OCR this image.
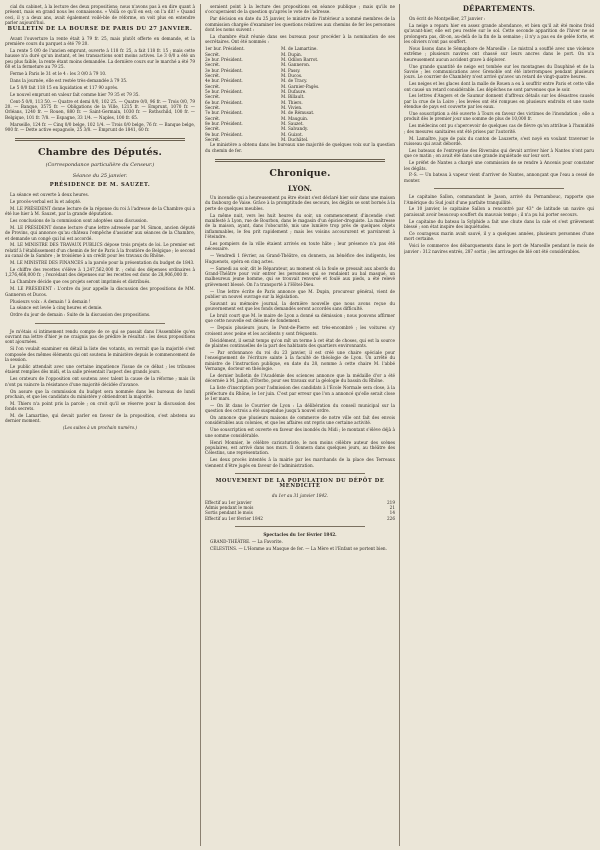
cial du cabinet, à la lecture des deux propositions; nous n'avons pas à en dire quant à présent, mais en grand nous les connaissons. « Voilà ce qu'il en est; on l'a dit! » Quand ceci, il y a deux ans, avait également voilé-ble de réforme, on voit plus en entendre parler aujourd'hui.

BULLETIN DE LA BOURSE DE PARIS DU 27 JANVIER.

Avant l'ouverture la rente était à 79 fr. 25, mais plutôt offerte en demande, et la première cours du parquet a été 79 20.

La rente 5 0/0 de l'ancien emprunt, ouverte à 118 fr. 25, a fait 118 fr. 15 ; mais cette hausse n'a duré qu'un instant, et les transactions sont moins actives. Le 3 0/0 a été un peu plus faible, la rente étant moins demandée. La dernière cours sur le marché a été 79 60 et la fermeture au 79 25.

Ferme à Paris le 31 et le 4 : les 3 0/0 à 79 10.

Dans la journée, elle est restée très-demandée à 79 35.

Le 5 0/0 fait 118 15 en liquidation et 117 90 après.

Le nouvel emprunt en valeur fait comme hier 79 35 et 79 35.

Cent-5 0/0, 113 50. — Quatre et demi 0/0, 102 25. — Quatre 0/0, 96 fr. — Trois 0/0, 79 20. — Banque, 3575 fr. — Obligations de la Ville, 1215 fr. — Emprunt, 1070 fr. — Orléans, 1240 fr. — Rouen, 880 fr. — Saint-Germain, 1030 fr. — Rothschild, 100 fr. — Belgique, 101 fr. 7/8. — Espagne, 33 1/4. — Naples, 100 fr. 65.

Marseille, 124 fr. — Cinq 0/0 belge, 102 1/4. — Trois 0/0 belge, 76 fr. — Banque belge, 900 fr. — Dette active espagnole, 25 3/8. — Emprunt de 1841, 60 fr.

Chambre des Députés.
(Correspondance particulière du Censeur.)
Séance du 25 janvier.

PRÉSIDENCE DE M. SAUZET.

La séance est ouverte à deux heures.

Le procès-verbal est lu et adopté.

M. LE PRÉSIDENT donne lecture de la réponse du roi à l'adresse de la Chambre qui a été lue hier à M. Sauzet, par la grande députation.

Les conclusions de la commission sont adoptées sans discussion.

M. LE PRÉSIDENT donne lecture d'une lettre adressée par M. Simon, ancien député de Provins, qui annonce qu'au château l'empêche d'assister aux séances de la Chambre, et demande un congé qui lui est accordé.

M. LE MINISTRE DES TRAVAUX PUBLICS dépose trois projets de loi. Le premier est relatif à l'établissement d'un chemin de fer de Paris à la frontière de Belgique ; le second au canal de la Sambre ; le troisième à un crédit pour les travaux du Rhône.

M. LE MINISTRE DES FINANCES a la parole pour la présentation du budget de 1843.

Le chiffre des recettes s'élève à 1,247,562,000 fr. ; celui des dépenses ordinaires à 1,276,468,000 fr. ; l'excédant des dépenses sur les recettes est donc de 28,906,000 fr.

La Chambre décide que ces projets seront imprimés et distribués.

M. LE PRÉSIDENT : L'ordre du jour appelle la discussion des propositions de MM. Ganneron et Ducos.

Plusieurs voix : A demain ! à demain !

La séance est levée à cinq heures et demie.

Ordre du jour de demain : Suite de la discussion des propositions.

Je m'étais si intimement rendu compte de ce qui se passait dans l'Assemblée qu'en ouvrant ma lettre d'hier je ne craignis pas de prédire le résultat : les deux propositions sont ajournées.

Si l'on voulait examiner en détail la liste des votants, on verrait que la majorité s'est composée des mêmes éléments qui ont soutenu le ministère depuis le commencement de la session.

Le public attendait avec une certaine impatience l'issue de ce débat ; les tribunes étaient remplies dès midi, et la salle présentait l'aspect des grands jours.

Les orateurs de l'opposition ont soutenu avec talent la cause de la réforme ; mais ils n'ont pu vaincre la résistance d'une majorité décidée d'avance.

On assure que la commission du budget sera nommée dans les bureaux de lundi prochain, et que les candidats du ministère y obtiendront la majorité.

M. Thiers n'a point pris la parole ; on croit qu'il se réserve pour la discussion des fonds secrets.

M. de Lamartine, qui devait parler en faveur de la proposition, s'est abstenu au dernier moment.

(Les suites à un prochain numéro.)

seraient point à la lecture des propositions en séance publique ; mais qu'ils ne s'occuperaient de la question qu'après le vote de l'adresse.

Par décision en date du 25 janvier, le ministre de l'intérieur a nommé membres de la commission chargée d'examiner les questions relatives aux chemins de fer les personnes dont les noms suivent :

La chambre était réunie dans ses bureaux pour procéder à la nomination de ses secrétaires. Ont été nommés :

1er bur. Président.	M. de Lamartine.
Secrét.	M. Dupin.
2e bur. Président.	M. Odilon Barrot.
Secrét.	M. Ganneron.
3e bur. Président.	M. Passy.
Secrét.	M. Ducos.
4e bur. Président.	M. de Tracy.
Secrét.	M. Garnier-Pagès.
5e bur. Président.	M. Dufaure.
Secrét.	M. Billault.
6e bur. Président.	M. Thiers.
Secrét.	M. Vivien.
7e bur. Président.	M. de Rémusat.
Secrét.	M. Mauguin.
8e bur. Président.	M. Sauzet.
Secrét.	M. Salvandy.
9e bur. Président.	M. Guizot.
Secrét.	M. Duchâtel.

Le ministère a obtenu dans les bureaux une majorité de quelques voix sur la question du chemin de fer.

Chronique.
LYON.

Un incendie qui a heureusement pu être éteint s'est déclaré hier soir dans une maison du faubourg de Vaise. Grâce à la promptitude des secours, les dégâts se sont bornés à la perte de quelques meubles.

La même nuit, vers les huit heures du soir, un commencement d'incendie s'est manifesté à Lyon, rue de Bourbon, dans le magasin d'un épicier-droguiste. La maîtresse de la maison, ayant, dans l'obscurité, mis une lumière trop près de quelques objets inflammables, le feu prit rapidement ; mais les voisins accoururent et parvinrent à l'éteindre.

Les pompiers de la ville étaient arrivés en toute hâte ; leur présence n'a pas été nécessaire.

— Vendredi 1 février, au Grand-Théâtre, on donnera, au bénéfice des indigents, les Huguenots, opéra en cinq actes.

— Samedi au soir, dit le Réparateur, au moment où la foule se pressait aux abords du Grand-Théâtre pour voir entrer les personnes qui se rendaient au bal masqué, un malheureux jeune homme, qui se trouvait renversé et foulé aux pieds, a été relevé grièvement blessé. On l'a transporté à l'Hôtel-Dieu.

— Une lettre écrite de Paris annonce que M. Dupin, procureur général, vient de publier un nouvel ouvrage sur la législation.

Sauvant au mémoire journal, la dernière nouvelle que nous avons reçue du gouvernement est que les fonds demandés seront accordés sans difficulté.

Le bruit court que M. le maire de Lyon a donné sa démission ; nous pouvons affirmer que cette nouvelle est dénuée de fondement.

— Depuis plusieurs jours, le Pont-de-Pierre est très-encombré ; les voitures s'y croisent avec peine et les accidents y sont fréquents.

Décidément, il serait temps qu'on mît un terme à cet état de choses, qui est la source de plaintes continuelles de la part des habitants des quartiers environnants.

— Par ordonnance du roi du 23 janvier, il est créé une chaire spéciale pour l'enseignement de l'écriture sainte à la faculté de théologie de Lyon. Un arrêté du ministre de l'instruction publique, en date du 28, nomme à cette chaire M. l'abbé Vernange, docteur en théologie.

Le dernier bulletin de l'Académie des sciences annonce que la médaille d'or a été décernée à M. Janin, d'Eterbo, pour ses travaux sur la géologie du bassin du Rhône.

La liste d'inscription pour l'admission des candidats à l'École Normale sera close, à la préfecture du Rhône, le 1er juin. C'est par erreur que l'on a annoncé qu'elle serait close le 1er mars.

— On lit dans le Courrier de Lyon : La délibération du conseil municipal sur la question des octrois a été suspendue jusqu'à nouvel ordre.

On annonce que plusieurs maisons de commerce de notre ville ont fait des envois considérables aux colonies, et que les affaires ont repris une certaine activité.

Une souscription est ouverte en faveur des inondés du Midi ; le montant s'élève déjà à une somme considérable.

Henri Monnier, le célèbre caricaturiste, le non moins célèbre auteur des scènes populaires, est arrivé dans nos murs. Il donnera dans quelques jours, au théâtre des Célestins, une représentation.

Les deux procès intentés à la mairie par les marchands de la place des Terreaux viennent d'être jugés en faveur de l'administration.

MOUVEMENT DE LA POPULATION DU DÉPÔT DE MENDICITÉ

du 1er au 31 janvier 1842.

Effectif au 1er janvier	219
Admis pendant le mois	21
Sortis pendant le mois	14
Effectif au 1er février 1842	226

Spectacles du 1er février 1842.

GRAND-THÉÂTRE. — La Favorite.

CÉLESTINS. — L'Homme au Masque de fer. — La Mère et l'Enfant se portent bien.

DÉPARTEMENTS.

On écrit de Montpellier, 27 janvier :

La neige a reparu hier en assez grande abondance, et bien qu'il ait été moins froid qu'avant-hier, elle est peu restée sur le sol. Cette seconde apparition de l'hiver ne se prolongera pas, dit-on, au-delà de la fin de la semaine ; il n'y a pas eu de gelée forte, et les oliviers n'ont pas souffert.

Nous lisons dans le Sémaphore de Marseille : Le mistral a soufflé avec une violence extrême ; plusieurs navires ont chassé sur leurs ancres dans le port. On n'a heureusement aucun accident grave à déplorer.

Une grande quantité de neige est tombée sur les montagnes du Dauphiné et de la Savoie ; les communications avec Grenoble ont été interrompues pendant plusieurs jours. Le courrier de Chambéry n'est arrivé qu'avec un retard de vingt-quatre heures.

Les neiges et les glaces dont la malle de Rouen a eu à souffrir entre Paris et cette ville ont causé un retard considérable. Les dépêches ne sont parvenues que le soir.

Les lettres d'Angers et de Saumur donnent d'affreux détails sur les désastres causés par la crue de la Loire ; les levées ont été rompues en plusieurs endroits et une vaste étendue de pays est couverte par les eaux.

Une souscription a été ouverte à Tours en faveur des victimes de l'inondation ; elle a produit dès le premier jour une somme de plus de 10,000 fr.

Les médecins ont pu s'apercevoir de quelques cas de fièvre qu'on attribue à l'humidité ; des mesures sanitaires ont été prises par l'autorité.

M. Lamaître, juge de paix du canton de Lauzerte, s'est noyé en voulant traverser le ruisseau qui avait débordé.

Les bateaux de l'entreprise des Riverains qui devait arriver hier à Nantes n'ont paru que ce matin ; on avait été dans une grande inquiétude sur leur sort.

Le préfet de Nantes a chargé une commission de se rendre à Ancenis pour constater les dégâts.

P.-S. — Un bateau à vapeur vient d'arriver de Nantes, annonçant que l'eau a cessé de monter.

Le capitaine Sallon, commandant le Jason, arrivé du Pernambouc, rapporte que l'Amérique du Sud jouit d'une parfaite tranquillité.

Le 10 janvier, le capitaine Sallon a rencontré par 43° de latitude un navire qui paraissait avoir beaucoup souffert du mauvais temps ; il n'a pu lui porter secours.

Le capitaine du bateau la Sylphide a fait une chute dans la cale et s'est grièvement blessé ; son état inspire des inquiétudes.

Ce courageux marin avait sauvé, il y a quelques années, plusieurs personnes d'une mort certaine.

Voici le commerce des débarquements dans le port de Marseille pendant le mois de janvier : 312 navires entrés, 287 sortis ; les arrivages de blé ont été considérables.
